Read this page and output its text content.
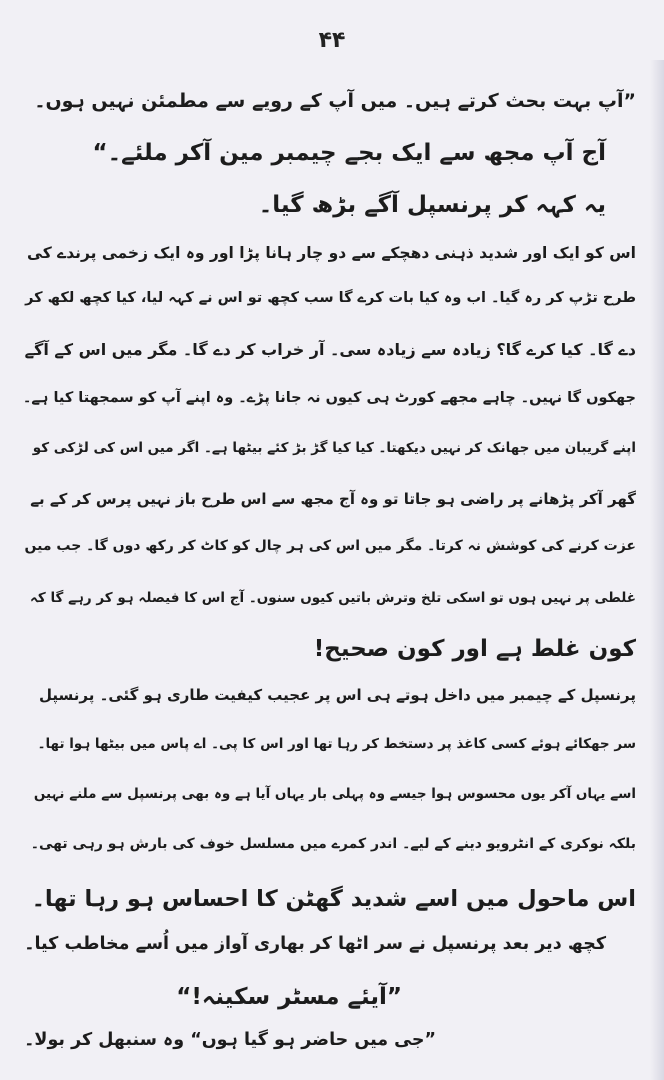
۴۴
”آپ بہت بحث کرتے ہیں۔ میں آپ کے رویے سے مطمئن نہیں ہوں۔
آج آپ مجھ سے ایک بجے چیمبر مین آکر ملئے۔“
یہ کہہ کر پرنسپل آگے بڑھ گیا۔
اس کو ایک اور شدید ذہنی دھچکے سے دو چار ہانا پڑا اور وہ ایک زخمی پرندے کی
طرح تڑپ کر رہ گیا۔ اب وہ کیا بات کرے گا سب کچھ تو اس نے کہہ لیا، کیا کچھ لکھ کر
دے گا۔ کیا کرے گا؟ زیادہ سے زیادہ سی۔ آر خراب کر دے گا۔ مگر میں اس کے آگے
جھکوں گا نہیں۔ چاہے مجھے کورٹ ہی کیوں نہ جانا پڑے۔ وہ اپنے آپ کو سمجھتا کیا ہے۔
اپنے گریبان میں جھانک کر نہیں دیکھتا۔ کیا کیا گڑ بڑ کئے بیٹھا ہے۔ اگر میں اس کی لڑکی کو
گھر آکر پڑھانے پر راضی ہو جاتا تو وہ آج مجھ سے اس طرح باز نہیں پرس کر کے بے
عزت کرنے کی کوشش نہ کرتا۔ مگر میں اس کی ہر چال کو کاٹ کر رکھ دوں گا۔ جب میں
غلطی پر نہیں ہوں تو اسکی تلخ وترش باتیں کیوں سنوں۔ آج اس کا فیصلہ ہو کر رہے گا کہ
کون غلط ہے اور کون صحیح!
پرنسپل کے چیمبر میں داخل ہوتے ہی اس پر عجیب کیفیت طاری ہو گئی۔ پرنسپل
سر جھکائے ہوئے کسی کاغذ پر دستخط کر رہا تھا اور اس کا پی۔ اے پاس میں بیٹھا ہوا تھا۔
اسے یہاں آکر یوں محسوس ہوا جیسے وہ پہلی بار یہاں آیا ہے وہ بھی پرنسپل سے ملنے نہیں
بلکہ نوکری کے انٹرویو دینے کے لیے۔ اندر کمرے میں مسلسل خوف کی بارش ہو رہی تھی۔
اس ماحول میں اسے شدید گھٹن کا احساس ہو رہا تھا۔
کچھ دیر بعد پرنسپل نے سر اٹھا کر بھاری آواز میں اُسے مخاطب کیا۔
”آیئے مسٹر سکینہ!“
”جی میں حاضر ہو گیا ہوں“ وہ سنبھل کر بولا۔
